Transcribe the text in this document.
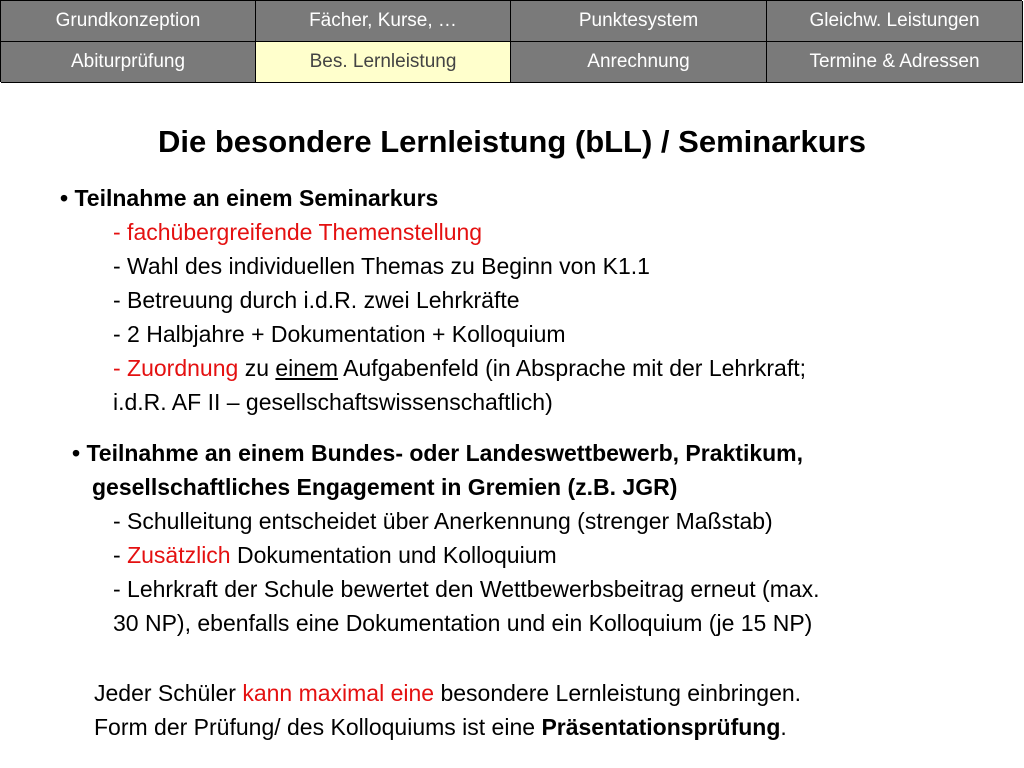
Grundkonzeption	Fächer, Kurse, …	Punktesystem	Gleichw. Leistungen
Abiturprüfung	Bes. Lernleistung	Anrechnung	Termine & Adressen
Die besondere Lernleistung (bLL) / Seminarkurs
• Teilnahme an einem Seminarkurs
- fachübergreifende Themenstellung
- Wahl des individuellen Themas zu Beginn von K1.1
- Betreuung durch i.d.R. zwei Lehrkräfte
- 2 Halbjahre + Dokumentation + Kolloquium
- Zuordnung zu einem Aufgabenfeld (in Absprache mit der Lehrkraft;
i.d.R. AF II – gesellschaftswissenschaftlich)
• Teilnahme an einem Bundes- oder Landeswettbewerb, Praktikum,
gesellschaftliches Engagement in Gremien (z.B. JGR)
- Schulleitung entscheidet über Anerkennung (strenger Maßstab)
- Zusätzlich Dokumentation und Kolloquium
- Lehrkraft der Schule bewertet den Wettbewerbsbeitrag erneut (max.
30 NP), ebenfalls eine Dokumentation und ein Kolloquium (je 15 NP)
Jeder Schüler kann maximal eine besondere Lernleistung einbringen.
Form der Prüfung/ des Kolloquiums ist eine Präsentationsprüfung.
